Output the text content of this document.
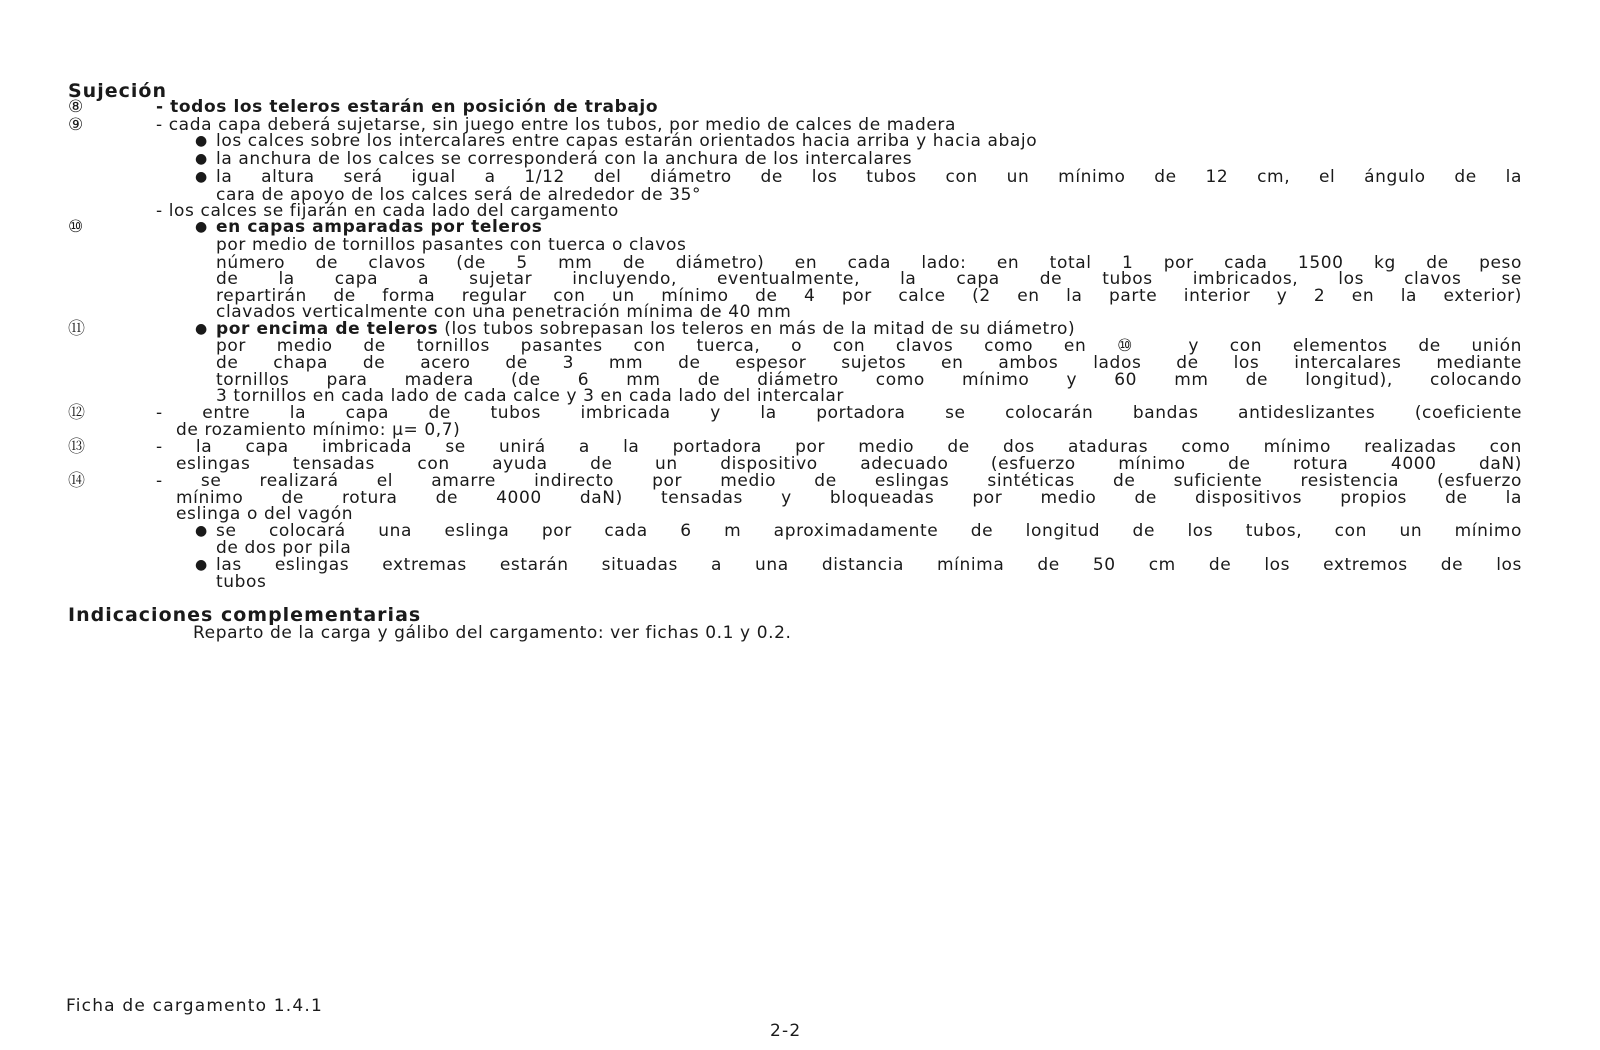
Sujeción
⑧	- todos los teleros estarán en posición de trabajo
⑨	- cada capa deberá sujetarse, sin juego entre los tubos, por medio de calces de madera
● los calces sobre los intercalares entre capas estarán orientados hacia arriba y hacia abajo
● la anchura de los calces se corresponderá con la anchura de los intercalares
● la altura será igual a 1/12 del diámetro de los tubos con un mínimo de 12 cm, el ángulo de la
cara de apoyo de los calces será de alrededor de 35°
- los calces se fijarán en cada lado del cargamento
⑩	● en capas amparadas por teleros
por medio de tornillos pasantes con tuerca o clavos
número de clavos (de 5 mm de diámetro) en cada lado: en total 1 por cada 1500 kg de peso
de la capa a sujetar incluyendo, eventualmente, la capa de tubos imbricados, los clavos se
repartirán de forma regular con un mínimo de 4 por calce (2 en la parte interior y 2 en la exterior)
clavados verticalmente con una penetración mínima de 40 mm
⑪	● por encima de teleros (los tubos sobrepasan los teleros en más de la mitad de su diámetro)
por medio de tornillos pasantes con tuerca, o con clavos como en ⑩ y con elementos de unión
de chapa de acero de 3 mm de espesor sujetos en ambos lados de los intercalares mediante
tornillos para madera (de 6 mm de diámetro como mínimo y 60 mm de longitud), colocando
3 tornillos en cada lado de cada calce y 3 en cada lado del intercalar
⑫	- entre la capa de tubos imbricada y la portadora se colocarán bandas antideslizantes (coeficiente
de rozamiento mínimo: µ= 0,7)
⑬	- la capa imbricada se unirá a la portadora por medio de dos ataduras como mínimo realizadas con
eslingas tensadas con ayuda de un dispositivo adecuado (esfuerzo mínimo de rotura 4000 daN)
⑭	- se realizará el amarre indirecto por medio de eslingas sintéticas de suficiente resistencia (esfuerzo
mínimo de rotura de 4000 daN) tensadas y bloqueadas por medio de dispositivos propios de la
eslinga o del vagón
● se colocará una eslinga por cada 6 m aproximadamente de longitud de los tubos, con un mínimo
de dos por pila
● las eslingas extremas estarán situadas a una distancia mínima de 50 cm de los extremos de los
tubos
Indicaciones complementarias
Reparto de la carga y gálibo del cargamento: ver fichas 0.1 y 0.2.
Ficha de cargamento 1.4.1
2-2
